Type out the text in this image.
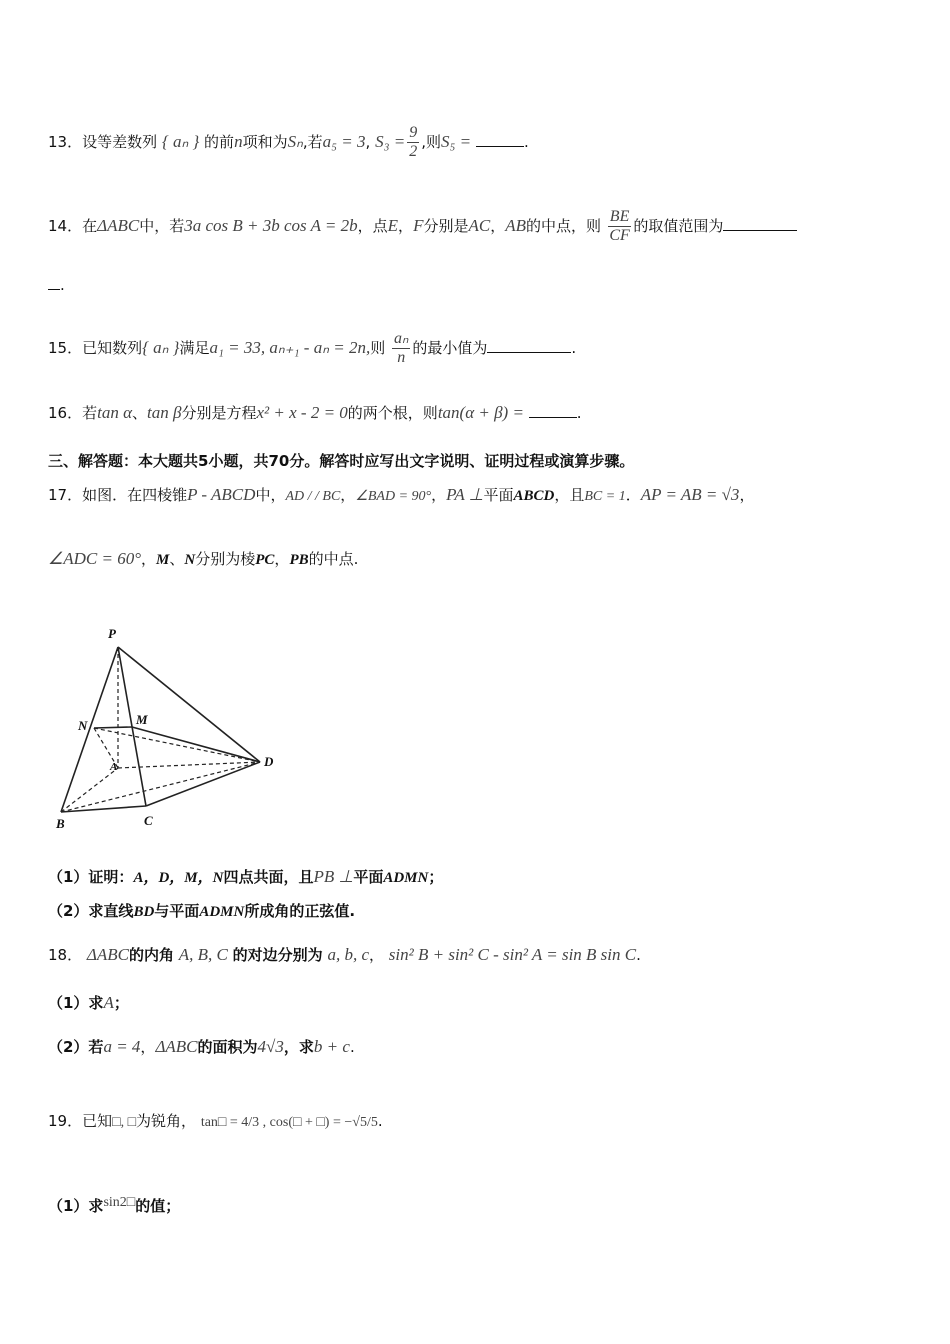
13．设等差数列 { aₙ } 的前n项和为Sₙ,若a₅ = 3, $S_3 = \frac{9}{2}$ ,则S₅ =	.
14．在ΔABC中，若3a cos B + 3b cos A = 2b，点E，F分别是AC，AB的中点，则 $\frac{BE}{CF}$ 的取值范围为
.
15．已知数列{ aₙ }满足a₁ = 33, aₙ₊₁ - aₙ = 2n,则 $\frac{\text{aₙ}}{n}$ 的最小值为	.
16．若tan α、tan β分别是方程x² + x - 2 = 0的两个根，则tan(α + β) =	.
三、解答题：本大题共5小题，共70分。解答时应写出文字说明、证明过程或演算步骤。
17．如图．在四棱锥P - ABCD中，AD / / BC，∠BAD = 90°，PA ⊥平面ABCD，且BC = 1．AP = AB = √3，
∠ADC = 60°，M、N分别为棱PC，PB的中点.
P
M
N
A	D
B	C
（1）证明：A，D，M，N四点共面，且PB ⊥平面ADMN；
（2）求直线BD与平面ADMN所成角的正弦值.
18． ΔABC的内角 A, B, C 的对边分别为 a, b, c， sin² B + sin² C - sin² A = sin B sin C.
（1）求A；
（2）若a = 4，ΔABC的面积为4√3，求b + c.
19．已知□, □为锐角， tan□ = 4/3 , cos(□ + □) = −√5/5.
（1）求sin2□的值；
